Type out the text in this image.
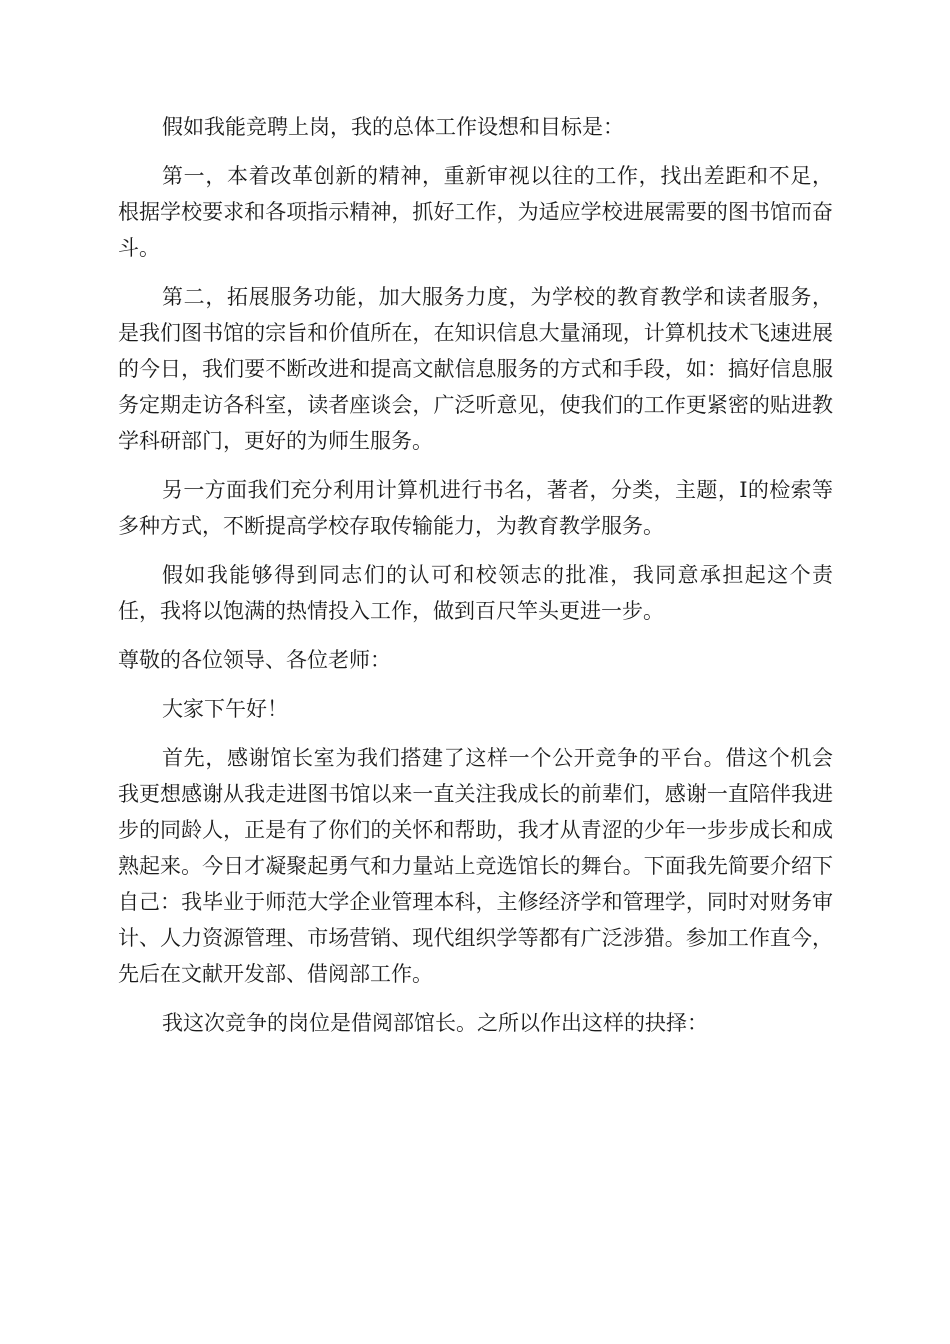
假如我能竞聘上岗，我的总体工作设想和目标是：

第一，本着改革创新的精神，重新审视以往的工作，找出差距和不足，根据学校要求和各项指示精神，抓好工作，为适应学校进展需要的图书馆而奋斗。

第二，拓展服务功能，加大服务力度，为学校的教育教学和读者服务，是我们图书馆的宗旨和价值所在，在知识信息大量涌现，计算机技术飞速进展的今日，我们要不断改进和提高文献信息服务的方式和手段，如：搞好信息服务定期走访各科室，读者座谈会，广泛听意见，使我们的工作更紧密的贴进教学科研部门，更好的为师生服务。

另一方面我们充分利用计算机进行书名，著者，分类，主题，I的检索等多种方式，不断提高学校存取传输能力，为教育教学服务。

假如我能够得到同志们的认可和校领志的批准，我同意承担起这个责任，我将以饱满的热情投入工作，做到百尺竿头更进一步。

尊敬的各位领导、各位老师：

大家下午好！

首先，感谢馆长室为我们搭建了这样一个公开竞争的平台。借这个机会我更想感谢从我走进图书馆以来一直关注我成长的前辈们，感谢一直陪伴我进步的同龄人，正是有了你们的关怀和帮助，我才从青涩的少年一步步成长和成熟起来。今日才凝聚起勇气和力量站上竞选馆长的舞台。下面我先简要介绍下自己：我毕业于师范大学企业管理本科，主修经济学和管理学，同时对财务审计、人力资源管理、市场营销、现代组织学等都有广泛涉猎。参加工作直今，先后在文献开发部、借阅部工作。

我这次竞争的岗位是借阅部馆长。之所以作出这样的抉择：
